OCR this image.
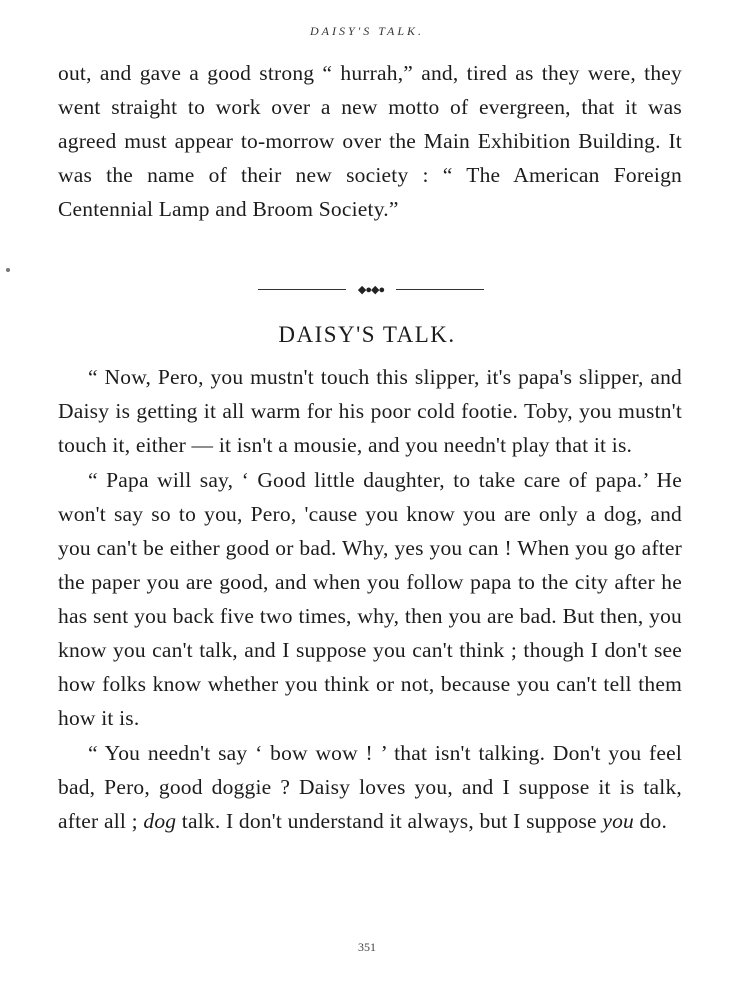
DAISY'S TALK.

out, and gave a good strong “ hurrah,” and, tired as they were, they went straight to work over a new motto of evergreen, that it was agreed must appear to-morrow over the Main Exhibition Building. It was the name of their new society : “ The American Foreign Centennial Lamp and Broom Society.”

◆●◆●
DAISY'S TALK.

“ Now, Pero, you mustn't touch this slipper, it's papa's slipper, and Daisy is getting it all warm for his poor cold footie. Toby, you mustn't touch it, either — it isn't a mousie, and you needn't play that it is.

“ Papa will say, ‘ Good little daughter, to take care of papa.’ He won't say so to you, Pero, 'cause you know you are only a dog, and you can't be either good or bad. Why, yes you can ! When you go after the paper you are good, and when you follow papa to the city after he has sent you back five two times, why, then you are bad. But then, you know you can't talk, and I suppose you can't think ; though I don't see how folks know whether you think or not, because you can't tell them how it is.

“ You needn't say ‘ bow wow ! ’ that isn't talking. Don't you feel bad, Pero, good doggie ? Daisy loves you, and I suppose it is talk, after all ; dog talk. I don't understand it always, but I suppose you do.

351
